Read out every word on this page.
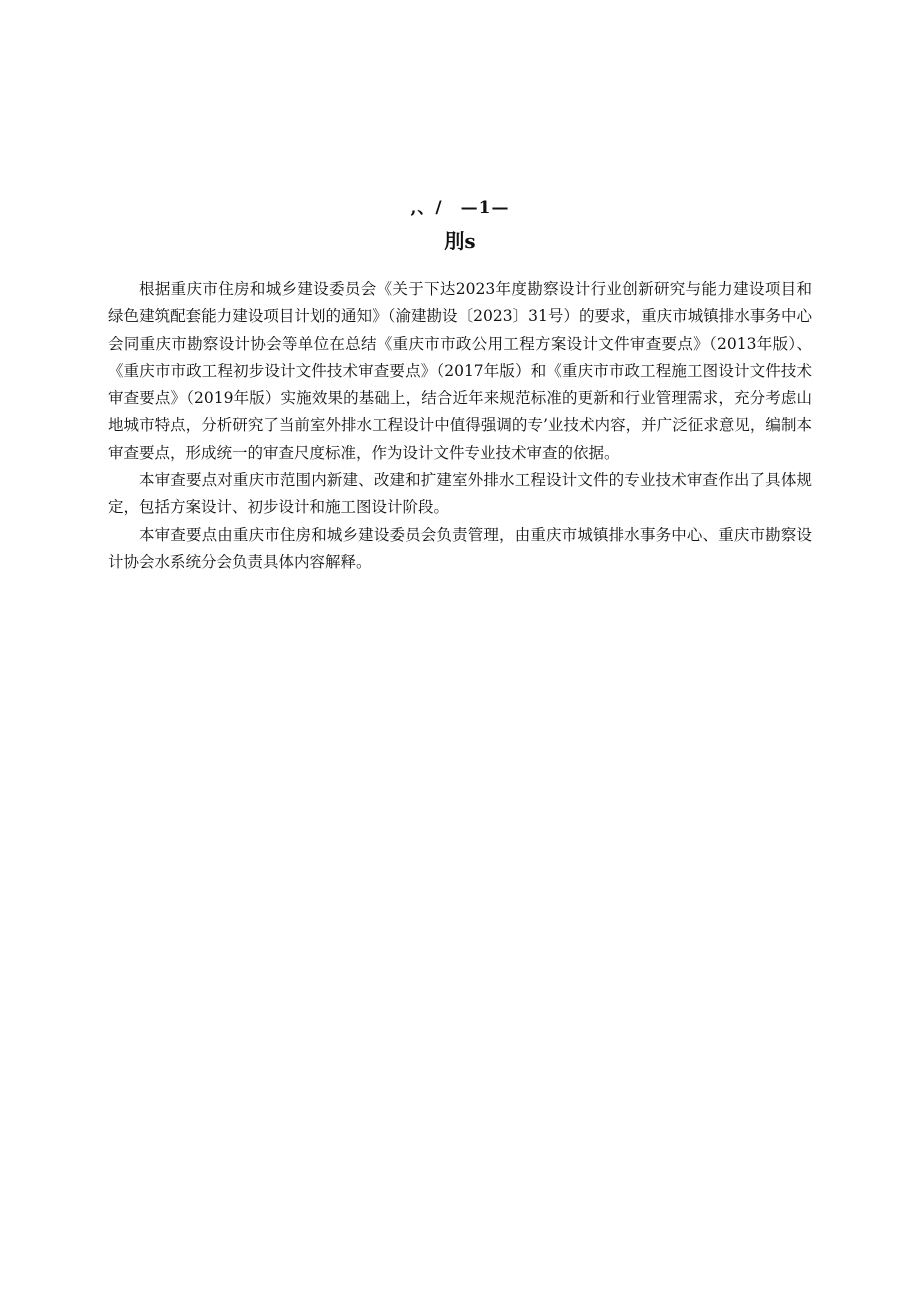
,、/　—1—
刖s

根据重庆市住房和城乡建设委员会《关于下达2023年度勘察设计行业创新研究与能力建设项目和绿色建筑配套能力建设项目计划的通知》（渝建勘设〔2023〕31号）的要求，重庆市城镇排水事务中心会同重庆市勘察设计协会等单位在总结《重庆市市政公用工程方案设计文件审查要点》（2013年版）、《重庆市市政工程初步设计文件技术审查要点》（2017年版）和《重庆市市政工程施工图设计文件技术审查要点》（2019年版）实施效果的基础上，结合近年来规范标准的更新和行业管理需求，充分考虑山地城市特点，分析研究了当前室外排水工程设计中值得强调的专’业技术内容，并广泛征求意见，编制本审查要点，形成统一的审查尺度标准，作为设计文件专业技术审查的依据。

本审查要点对重庆市范围内新建、改建和扩建室外排水工程设计文件的专业技术审查作出了具体规定，包括方案设计、初步设计和施工图设计阶段。

本审查要点由重庆市住房和城乡建设委员会负责管理，由重庆市城镇排水事务中心、重庆市勘察设计协会水系统分会负责具体内容解释。
